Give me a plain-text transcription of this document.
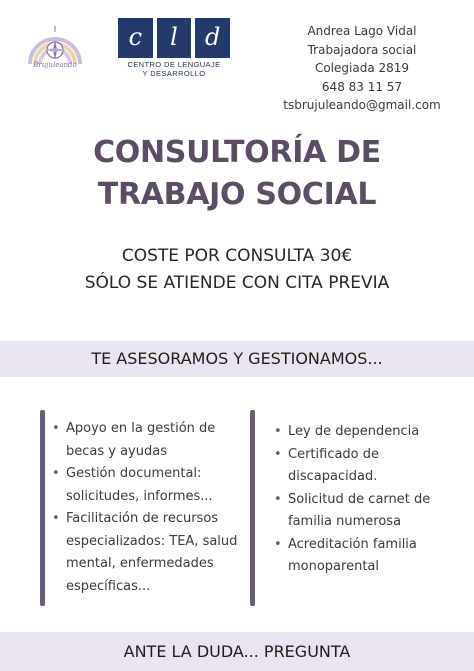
Brujuleando
c	l	d
CENTRO DE LENGUAJE
Y DESARROLLO
Andrea Lago Vidal
Trabajadora social
Colegiada 2819
648 83 11 57
tsbrujuleando@gmail.com
CONSULTORÍA DE
TRABAJO SOCIAL
COSTE POR CONSULTA 30€
SÓLO SE ATIENDE CON CITA PREVIA
TE ASESORAMOS Y GESTIONAMOS...
• Apoyo en la gestión de becas y ayudas
• Gestión documental: solicitudes, informes...
• Facilitación de recursos especializados: TEA, salud mental, enfermedades específicas...
• Ley de dependencia
• Certificado de discapacidad.
• Solicitud de carnet de familia numerosa
• Acreditación familia monoparental
ANTE LA DUDA... PREGUNTA
